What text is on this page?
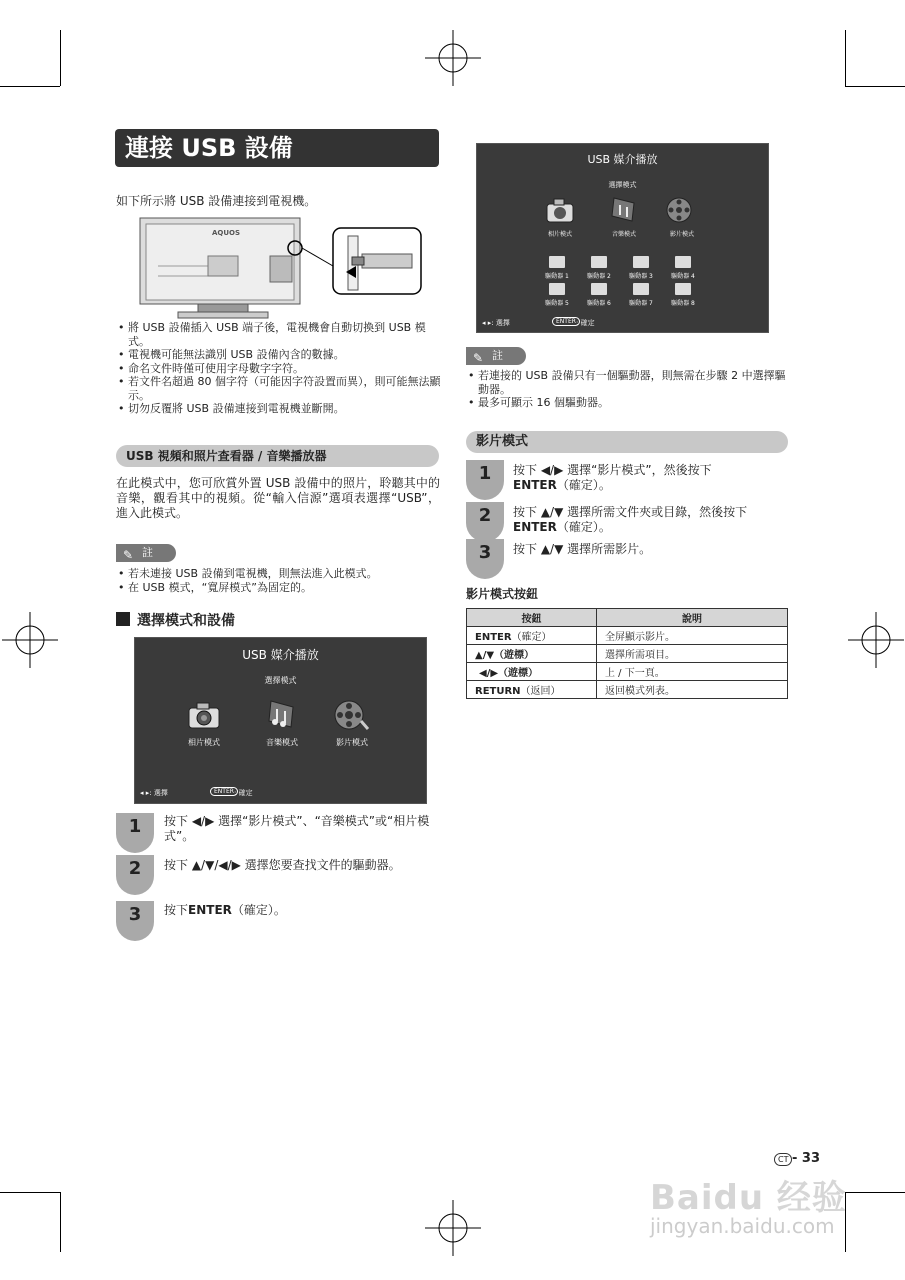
連接 USB 設備
如下所示將 USB 設備連接到電視機。
AQUOS
• 將 USB 設備插入 USB 端子後，電視機會自動切換到 USB 模式。
• 電視機可能無法識別 USB 設備內含的數據。
• 命名文件時僅可使用字母數字字符。
• 若文件名超過 80 個字符（可能因字符設置而異），則可能無法顯示。
• 切勿反覆將 USB 設備連接到電視機並斷開。
USB 視頻和照片查看器 / 音樂播放器
在此模式中，您可欣賞外置 USB 設備中的照片，聆聽其中的音樂，觀看其中的視頻。從“輸入信源”選項表選擇“USB”，進入此模式。
✎ 註
• 若未連接 USB 設備到電視機，則無法進入此模式。
• 在 USB 模式，“寬屏模式”為固定的。
選擇模式和設備
USB 媒介播放
選擇模式
相片模式	音樂模式	影片模式
◂ ▸: 選擇	ENTER : 確定
1	按下 ◀/▶ 選擇“影片模式”、“音樂模式”或“相片模式”。
2	按下 ▲/▼/◀/▶ 選擇您要查找文件的驅動器。
3	按下ENTER（確定）。
USB 媒介播放
選擇模式
相片模式	音樂模式	影片模式
驅動器 1	驅動器 2	驅動器 3	驅動器 4
驅動器 5	驅動器 6	驅動器 7	驅動器 8
◂ ▸: 選擇	ENTER : 確定
✎ 註
• 若連接的 USB 設備只有一個驅動器，則無需在步驟 2 中選擇驅動器。
• 最多可顯示 16 個驅動器。
影片模式
1	按下 ◀/▶ 選擇“影片模式”，然後按下
ENTER（確定）。
2	按下 ▲/▼ 選擇所需文件夾或目錄，然後按下
ENTER（確定）。
3	按下 ▲/▼ 選擇所需影片。
影片模式按鈕
按鈕	說明
ENTER（確定）	全屏顯示影片。
▲/▼（遊標）	選擇所需項目。
◀/▶（遊標）	上 / 下一頁。
RETURN（返回）	返回模式列表。
CT - 33
Baidu 经验
jingyan.baidu.com
